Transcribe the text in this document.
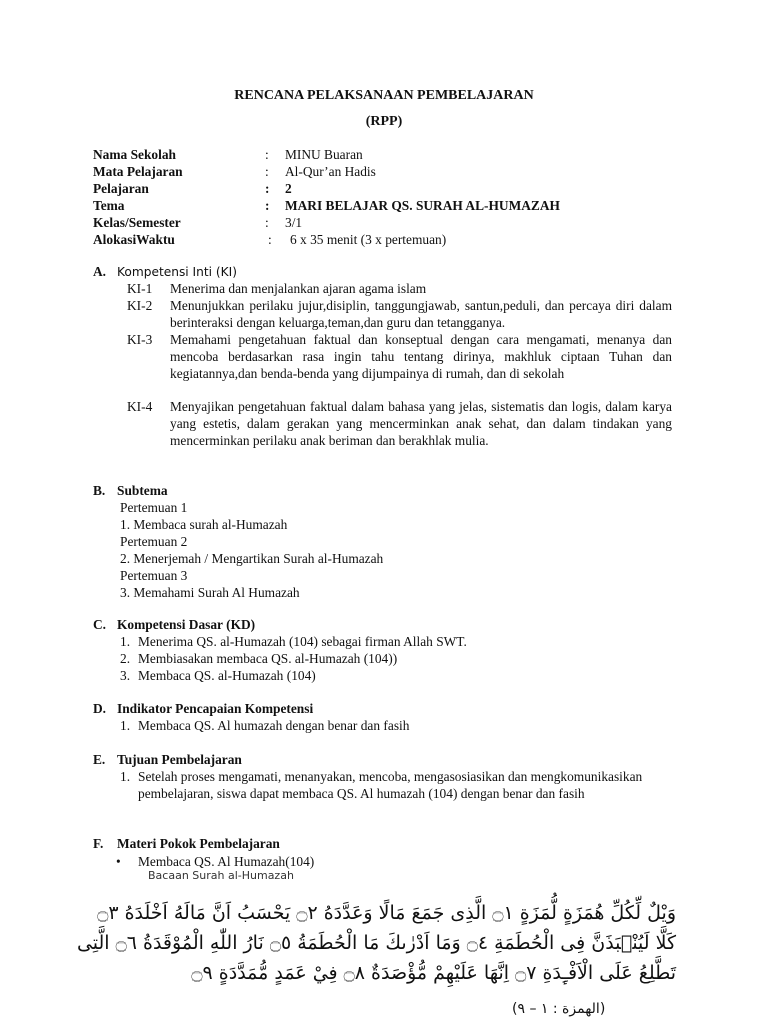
RENCANA PELAKSANAAN PEMBELAJARAN
(RPP)
Nama Sekolah	: MINU Buaran
Mata Pelajaran	: Al-Qur’an Hadis
Pelajaran	: 2
Tema	: MARI BELAJAR QS. SURAH AL-HUMAZAH
Kelas/Semester	: 3/1
AlokasiWaktu	: 6 x 35 menit (3 x pertemuan)
A. Kompetensi Inti (KI)
KI-1 Menerima dan menjalankan ajaran agama islam
KI-2 Menunjukkan perilaku jujur,disiplin, tanggungjawab, santun,peduli, dan percaya diri dalam berinteraksi dengan keluarga,teman,dan guru dan tetangganya.
KI-3 Memahami pengetahuan faktual dan konseptual dengan cara mengamati, menanya dan mencoba berdasarkan rasa ingin tahu tentang dirinya, makhluk ciptaan Tuhan dan kegiatannya,dan benda-benda yang dijumpainya di rumah, dan di sekolah
KI-4 Menyajikan pengetahuan faktual dalam bahasa yang jelas, sistematis dan logis, dalam karya yang estetis, dalam gerakan yang mencerminkan anak sehat, dan dalam tindakan yang mencerminkan perilaku anak beriman dan berakhlak mulia.
B. Subtema
Pertemuan 1
1. Membaca surah al-Humazah
Pertemuan 2
2. Menerjemah / Mengartikan Surah al-Humazah
Pertemuan 3
3. Memahami Surah Al Humazah
C. Kompetensi Dasar (KD)
1. Menerima QS. al-Humazah (104) sebagai firman Allah SWT.
2. Membiasakan membaca QS. al-Humazah (104))
3. Membaca QS. al-Humazah (104)
D. Indikator Pencapaian Kompetensi
1. Membaca QS. Al humazah dengan benar dan fasih
E. Tujuan Pembelajaran
1. Setelah proses mengamati, menanyakan, mencoba, mengasosiasikan dan mengkomunikasikan pembelajaran, siswa dapat membaca QS. Al humazah (104) dengan benar dan fasih
F. Materi Pokok Pembelajaran
• Membaca QS. Al Humazah(104)
Bacaan Surah al-Humazah
وَيْلٌ لِّكُلِّ هُمَزَةٍ لُّمَزَةٍ ۝١ الَّذِى جَمَعَ مَالًا وَعَدَّدَهُ ۝٢ يَحْسَبُ اَنَّ مَالَهُ اَخْلَدَهُ ۝٣
كَلَّا لَيُنْۢبَذَنَّ فِى الْحُطَمَةِ ۝٤ وَمَا اَدْرٰىكَ مَا الْحُطَمَةُ ۝٥ نَارُ اللّٰهِ الْمُوْقَدَةُ ۝٦ الَّتِى
تَطَّلِعُ عَلَى الْاَفْـِٕدَةِ ۝٧ اِنَّهَا عَلَيْهِمْ مُّؤْصَدَةٌ ۝٨ فِيْ عَمَدٍ مُّمَدَّدَةٍ ۝٩
(الهمزة : ١ – ٩)
